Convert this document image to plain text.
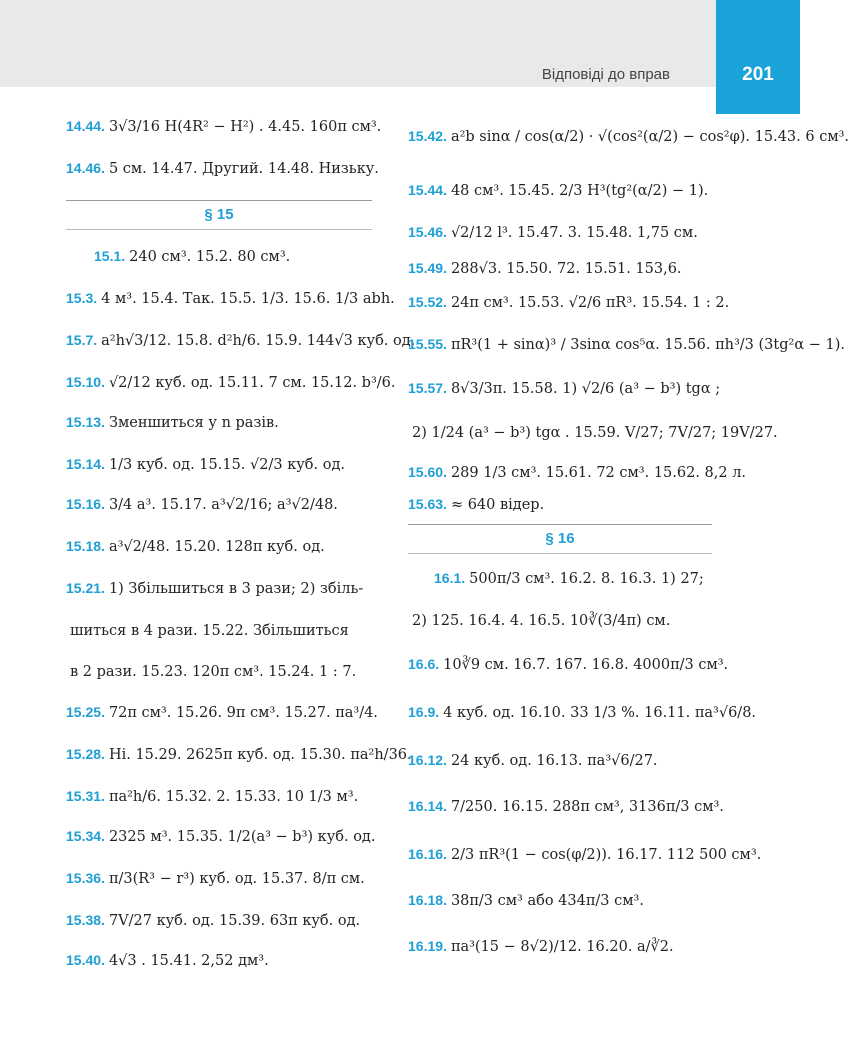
Відповіді до вправ	201
14.44. 3√3/16 H(4R² − H²) . 4.45. 160π см³.
14.46. 5 см. 14.47. Другий. 14.48. Низьку.
§ 15
15.1. 240 см³. 15.2. 80 см³.
15.3. 4 м³. 15.4. Так. 15.5. 1/3. 15.6. 1/3 abh.
15.7. a²h√3/12. 15.8. d²h/6. 15.9. 144√3 куб. од.
15.10. √2/12 куб. од. 15.11. 7 см. 15.12. b³/6.
15.13. Зменшиться у n разів.
15.14. 1/3 куб. од. 15.15. √2/3 куб. од.
15.16. 3/4 a³. 15.17. a³√2/16; a³√2/48.
15.18. a³√2/48. 15.20. 128π куб. од.
15.21. 1) Збільшиться в 3 рази; 2) збіль-
шиться в 4 рази. 15.22. Збільшиться
в 2 рази. 15.23. 120π см³. 15.24. 1 : 7.
15.25. 72π см³. 15.26. 9π см³. 15.27. πa³/4.
15.28. Ні. 15.29. 2625π куб. од. 15.30. πa²h/36.
15.31. πa²h/6. 15.32. 2. 15.33. 10 1/3 м³.
15.34. 2325 м³. 15.35. 1/2(a³ − b³) куб. од.
15.36. π/3(R³ − r³) куб. од. 15.37. 8/π см.
15.38. 7V/27 куб. од. 15.39. 63π куб. од.
15.40. 4√3 . 15.41. 2,52 дм³.
15.42. a²b sinα / cos(α/2) · √(cos²(α/2) − cos²φ). 15.43. 6 см³.
15.44. 48 см³. 15.45. 2/3 H³(tg²(α/2) − 1).
15.46. √2/12 l³. 15.47. 3. 15.48. 1,75 см.
15.49. 288√3. 15.50. 72. 15.51. 153,6.
15.52. 24π см³. 15.53. √2/6 πR³. 15.54. 1 : 2.
15.55. πR³(1 + sinα)³ / 3sinα cos⁵α. 15.56. πh³/3 (3tg²α − 1).
15.57. 8√3/3π. 15.58. 1) √2/6 (a³ − b³) tgα ;
2) 1/24 (a³ − b³) tgα . 15.59. V/27; 7V/27; 19V/27.
15.60. 289 1/3 см³. 15.61. 72 см³. 15.62. 8,2 л.
15.63. ≈ 640 відер.
§ 16
16.1. 500π/3 см³. 16.2. 8. 16.3. 1) 27;
2) 125. 16.4. 4. 16.5. 10∛(3/4π) см.
16.6. 10∛9 см. 16.7. 167. 16.8. 4000π/3 см³.
16.9. 4 куб. од. 16.10. 33 1/3 %. 16.11. πa³√6/8.
16.12. 24 куб. од. 16.13. πa³√6/27.
16.14. 7/250. 16.15. 288π см³, 3136π/3 см³.
16.16. 2/3 πR³(1 − cos(φ/2)). 16.17. 112 500 см³.
16.18. 38π/3 см³ або 434π/3 см³.
16.19. πa³(15 − 8√2)/12. 16.20. a/∛2.
